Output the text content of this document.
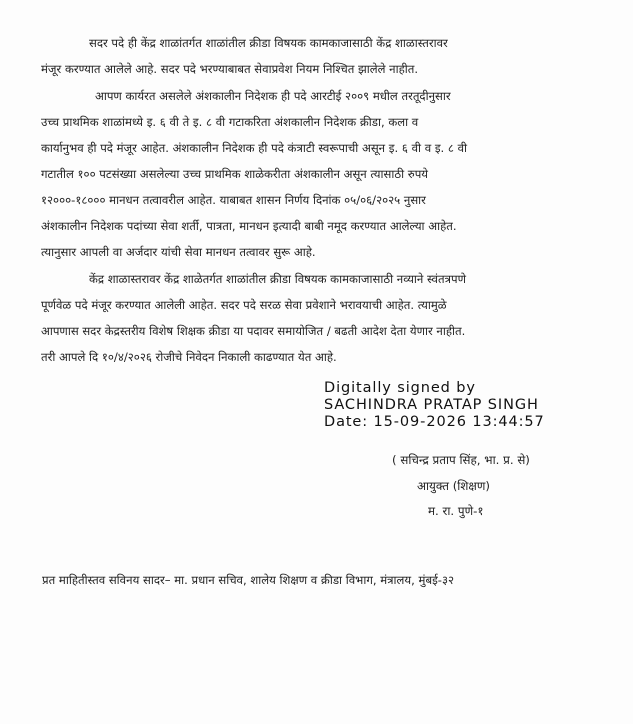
सदर पदे ही केंद्र शाळांतर्गत शाळांतील क्रीडा विषयक कामकाजासाठी केंद्र शाळास्तरावर
मंजूर करण्यात आलेले आहे. सदर पदे भरण्याबाबत सेवाप्रवेश नियम निश्चित झालेले नाहीत.
आपण कार्यरत असलेले अंशकालीन निदेशक ही पदे आरटीई २००९ मधील तरतूदीनुसार
उच्च प्राथमिक शाळांमध्ये इ. ६ वी ते इ. ८ वी गटाकरिता अंशकालीन निदेशक क्रीडा, कला व
कार्यानुभव ही पदे मंजूर आहेत. अंशकालीन निदेशक ही पदे कंत्राटी स्वरूपाची असून इ. ६ वी व इ. ८ वी
गटातील १०० पटसंख्या असलेल्या उच्च प्राथमिक शाळेकरीता अंशकालीन असून त्यासाठी रुपये
१२०००-१८००० मानधन तत्वावरील आहेत. याबाबत शासन निर्णय दिनांक ०५/०६/२०२५ नुसार
अंशकालीन निदेशक पदांच्या सेवा शर्ती, पात्रता, मानधन इत्यादी बाबी नमूद करण्यात आलेल्या आहेत.
त्यानुसार आपली वा अर्जदार यांची सेवा मानधन तत्वावर सुरू आहे.
केंद्र शाळास्तरावर केंद्र शाळेतर्गत शाळांतील क्रीडा विषयक कामकाजासाठी नव्याने स्वंतत्रपणे
पूर्णवेळ पदे मंजूर करण्यात आलेली आहेत. सदर पदे सरळ सेवा प्रवेशाने भरावयाची आहेत. त्यामुळे
आपणास सदर केद्रस्तरीय विशेष शिक्षक क्रीडा या पदावर समायोजित / बढती आदेश देता येणार नाहीत.
तरी आपले दि १०/४/२०२६ रोजीचे निवेदन निकाली काढण्यात येत आहे.
Digitally signed by
SACHINDRA PRATAP SINGH
Date: 15-09-2026 13:44:57
( सचिन्द्र प्रताप सिंह, भा. प्र. से)
आयुक्त (शिक्षण)
म. रा. पुणे-१
प्रत माहितीस्तव सविनय सादर– मा. प्रधान सचिव, शालेय शिक्षण व क्रीडा विभाग, मंत्रालय, मुंबई-३२
